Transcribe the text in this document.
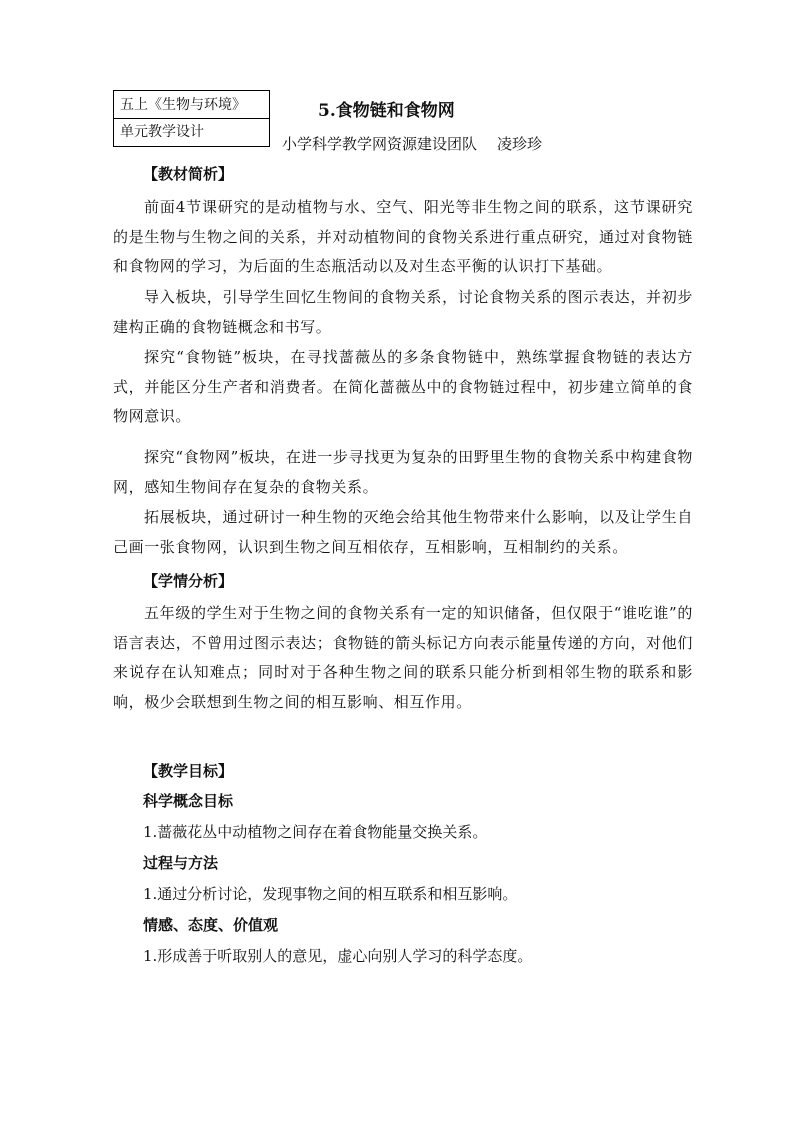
五上《生物与环境》
单元教学设计
5.食物链和食物网
小学科学教学网资源建设团队 凌珍珍
【教材简析】
前面4节课研究的是动植物与水、空气、阳光等非生物之间的联系，这节课研究的是生物与生物之间的关系，并对动植物间的食物关系进行重点研究，通过对食物链和食物网的学习，为后面的生态瓶活动以及对生态平衡的认识打下基础。
导入板块，引导学生回忆生物间的食物关系，讨论食物关系的图示表达，并初步建构正确的食物链概念和书写。
探究“食物链”板块，在寻找蔷薇丛的多条食物链中，熟练掌握食物链的表达方式，并能区分生产者和消费者。在简化蔷薇丛中的食物链过程中，初步建立简单的食物网意识。
探究“食物网”板块，在进一步寻找更为复杂的田野里生物的食物关系中构建食物网，感知生物间存在复杂的食物关系。
拓展板块，通过研讨一种生物的灭绝会给其他生物带来什么影响，以及让学生自己画一张食物网，认识到生物之间互相依存，互相影响，互相制约的关系。
【学情分析】
五年级的学生对于生物之间的食物关系有一定的知识储备，但仅限于“谁吃谁”的语言表达，不曾用过图示表达；食物链的箭头标记方向表示能量传递的方向，对他们来说存在认知难点；同时对于各种生物之间的联系只能分析到相邻生物的联系和影响，极少会联想到生物之间的相互影响、相互作用。
【教学目标】
科学概念目标
1.蔷薇花丛中动植物之间存在着食物能量交换关系。
过程与方法
1.通过分析讨论，发现事物之间的相互联系和相互影响。
情感、态度、价值观
1.形成善于听取别人的意见，虚心向别人学习的科学态度。
